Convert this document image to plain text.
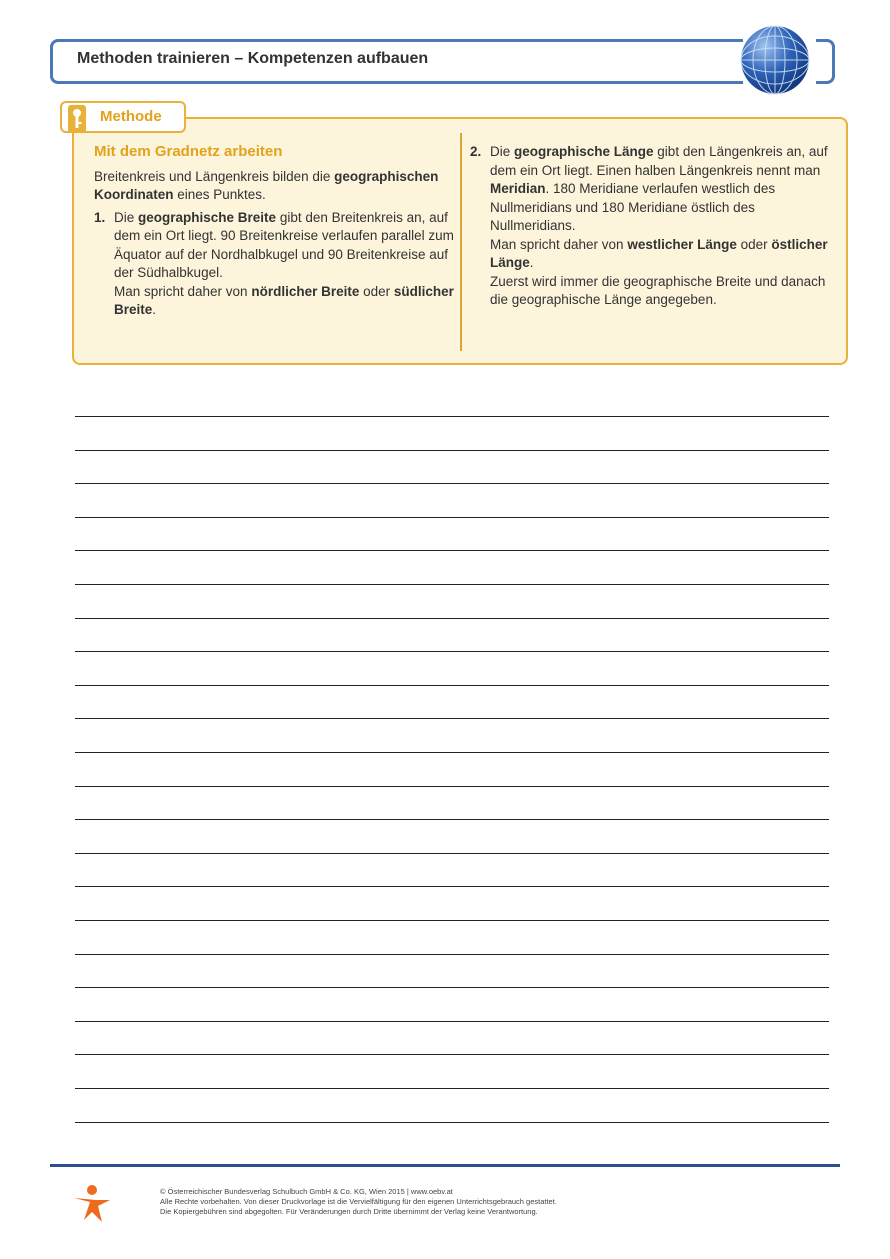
Methoden trainieren – Kompetenzen aufbauen
Mit dem Gradnetz arbeiten

Breitenkreis und Längenkreis bilden die geographischen Koordinaten eines Punktes.

1. Die geographische Breite gibt den Breitenkreis an, auf dem ein Ort liegt. 90 Breitenkreise verlaufen parallel zum Äquator auf der Nordhalbkugel und 90 Breitenkreise auf der Südhalbkugel.
Man spricht daher von nördlicher Breite oder südlicher Breite.
2. Die geographische Länge gibt den Längenkreis an, auf dem ein Ort liegt. Einen halben Längenkreis nennt man Meridian. 180 Meridiane verlaufen westlich des Nullmeridians und 180 Meridiane östlich des Nullmeridians.
Man spricht daher von westlicher Länge oder östlicher Länge.
Zuerst wird immer die geographische Breite und danach die geographische Länge angegeben.
Methode
© Österreichischer Bundesverlag Schulbuch GmbH & Co. KG, Wien 2015 | www.oebv.at
Alle Rechte vorbehalten. Von dieser Druckvorlage ist die Vervielfältigung für den eigenen Unterrichtsgebrauch gestattet.
Die Kopiergebühren sind abgegolten. Für Veränderungen durch Dritte übernimmt der Verlag keine Verantwortung.
